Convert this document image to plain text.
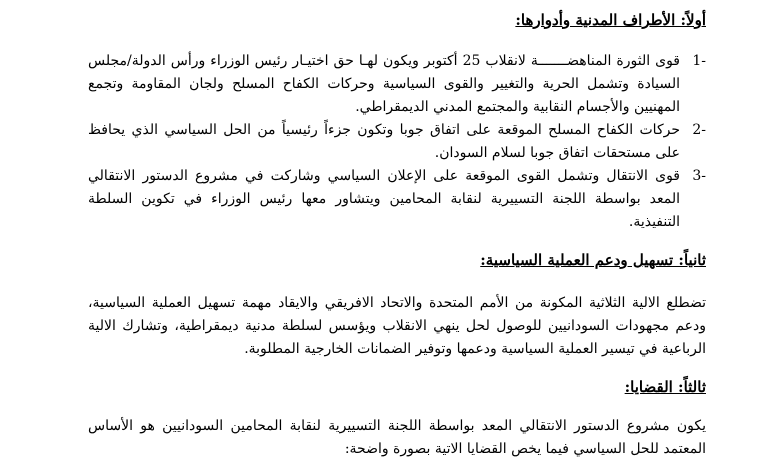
أولاً: الأطراف المدنية وأدوارها:
-1
قوى الثورة المناهضـــــــة لانقلاب 25 أكتوبر ويكون لهـا حق اختيـار رئيس الوزراء ورأس الدولة/مجلس السيادة وتشمل الحرية والتغيير والقوى السياسية وحركات الكفاح المسلح ولجان المقاومة وتجمع المهنيين والأجسام النقابية والمجتمع المدني الديمقراطي.
-2
حركات الكفاح المسلح الموقعة على اتفاق جوبا وتكون جزءاً رئيسياً من الحل السياسي الذي يحافظ على مستحقات اتفاق جوبا لسلام السودان.
-3
قوى الانتقال وتشمل القوى الموقعة على الإعلان السياسي وشاركت في مشروع الدستور الانتقالي المعد بواسطة اللجنة التسييرية لنقابة المحامين ويتشاور معها رئيس الوزراء في تكوين السلطة التنفيذية.
ثانياً: تسهيل ودعم العملية السياسية:

تضطلع الالية الثلاثية المكونة من الأمم المتحدة والاتحاد الافريقي والايقاد مهمة تسهيل العملية السياسية، ودعم مجهودات السودانيين للوصول لحل ينهي الانقلاب ويؤسس لسلطة مدنية ديمقراطية، وتشارك الالية الرباعية في تيسير العملية السياسية ودعمها وتوفير الضمانات الخارجية المطلوبة.

ثالثاً: القضايا:

يكون مشروع الدستور الانتقالي المعد بواسطة اللجنة التسييرية لنقابة المحامين السودانيين هو الأساس المعتمد للحل السياسي فيما يخص القضايا الاتية بصورة واضحة:
